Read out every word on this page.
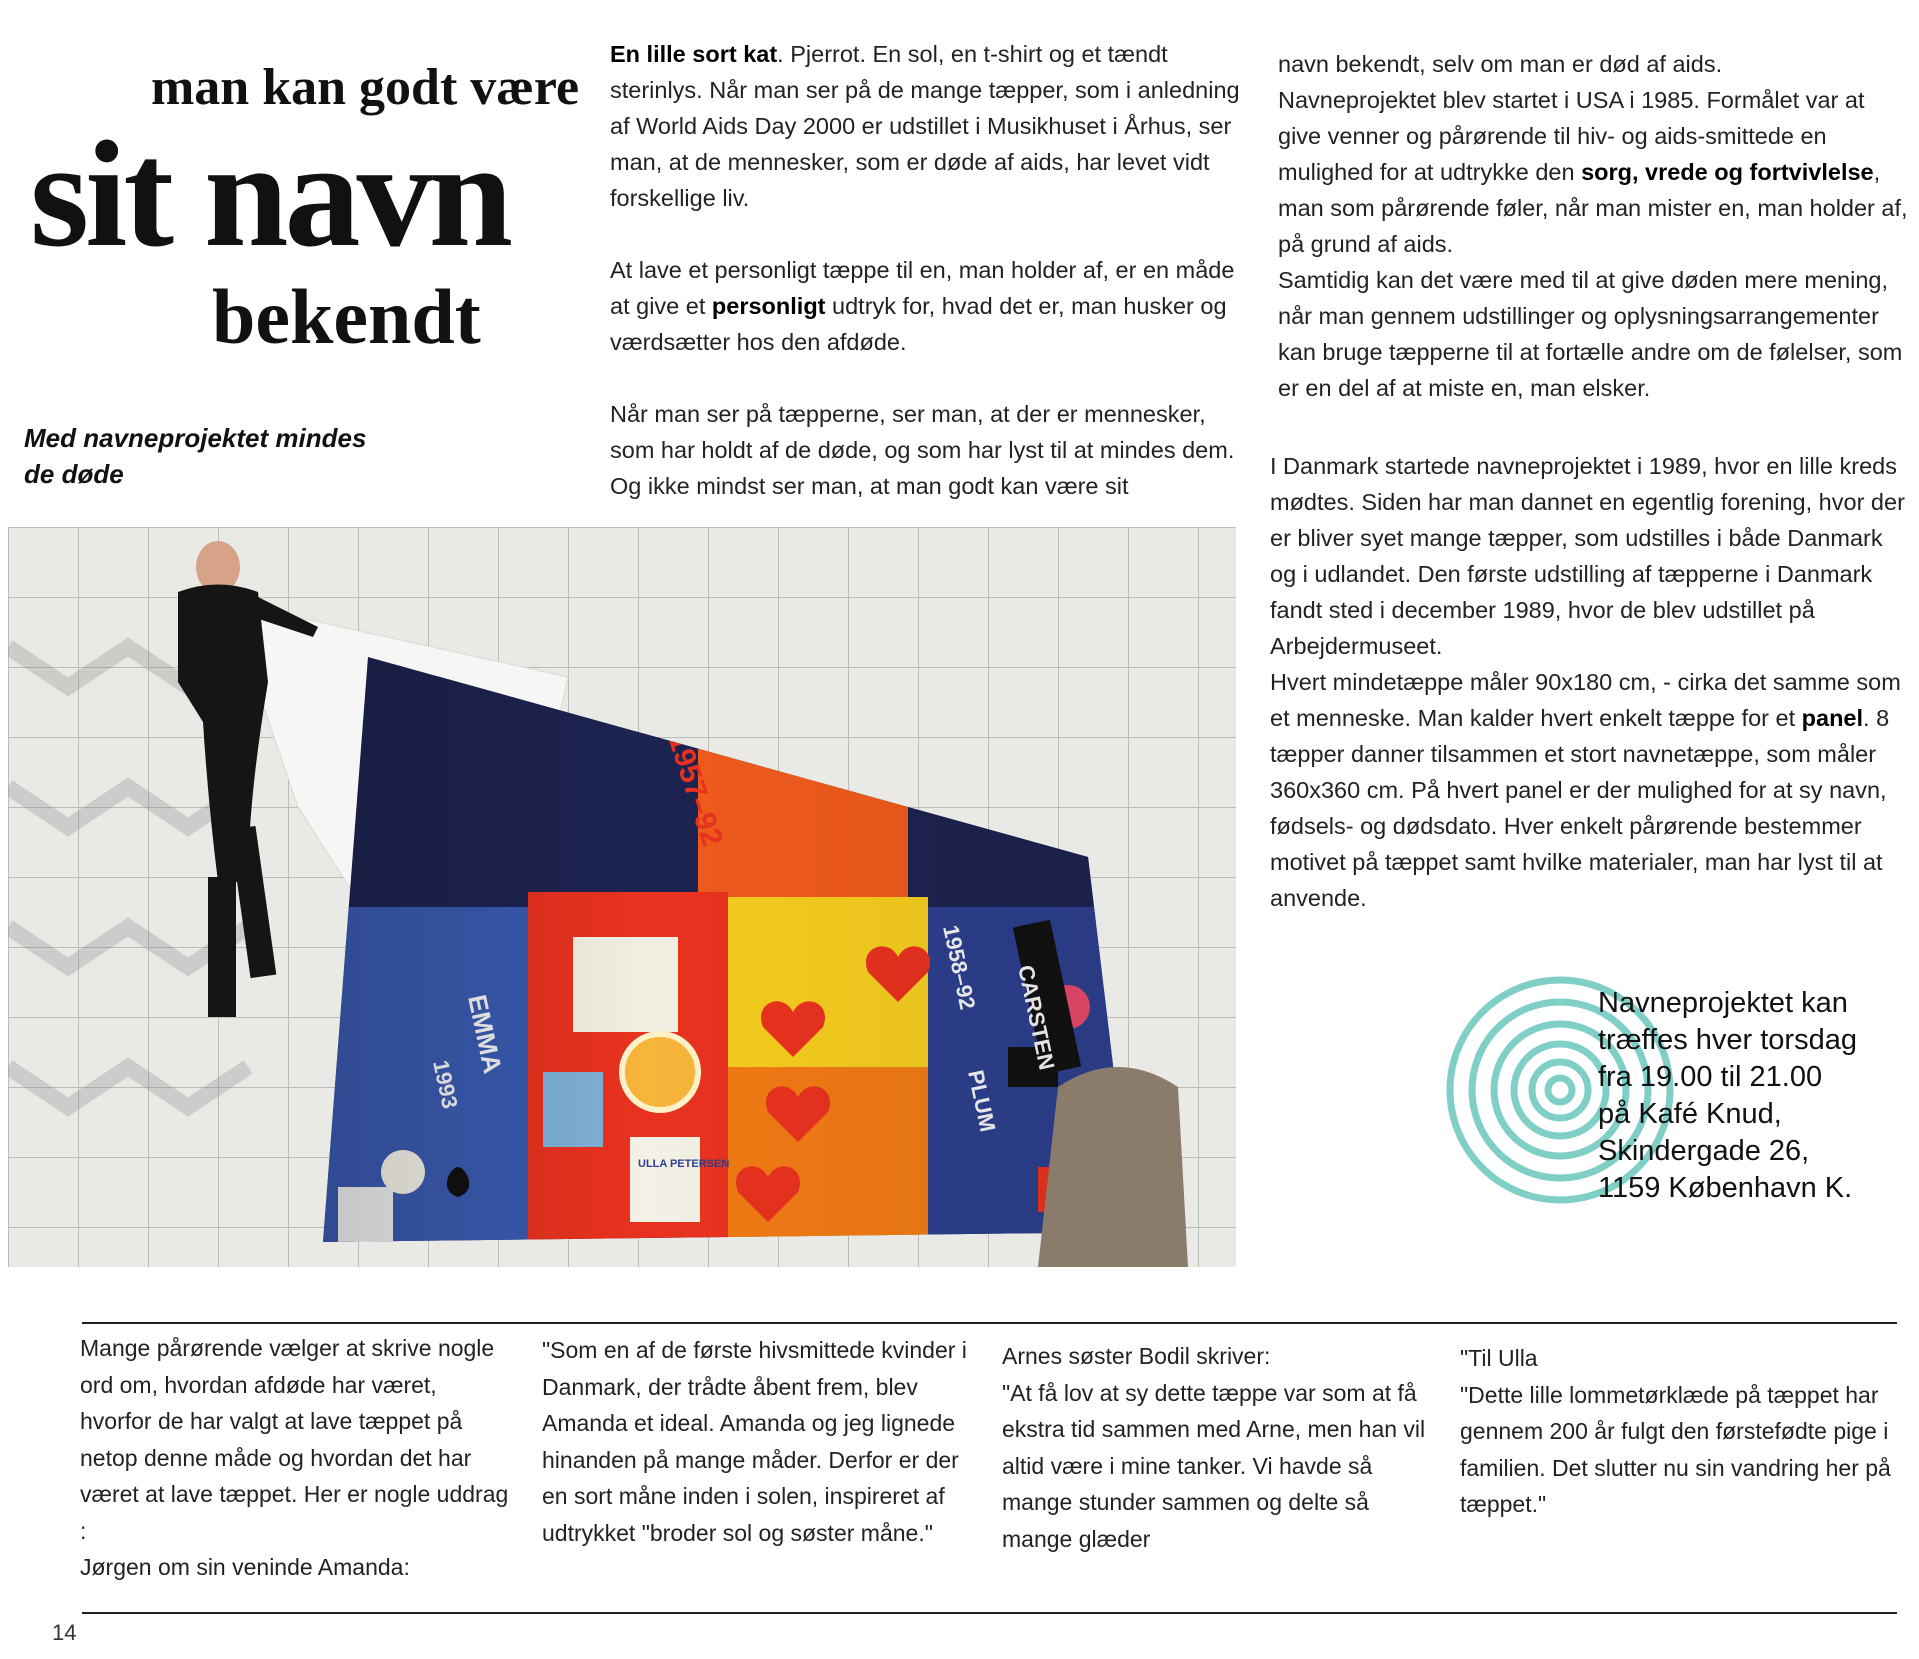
man kan godt være
sit navn
bekendt
Med navneprojektet mindes de døde

En lille sort kat. Pjerrot. En sol, en t-shirt og et tændt sterinlys. Når man ser på de mange tæpper, som i anledning af World Aids Day 2000 er udstillet i Musikhuset i Århus, ser man, at de mennesker, som er døde af aids, har levet vidt forskellige liv.

At lave et personligt tæppe til en, man holder af, er en måde at give et personligt udtryk for, hvad det er, man husker og værdsætter hos den afdøde.

Når man ser på tæpperne, ser man, at der er mennesker, som har holdt af de døde, og som har lyst til at mindes dem. Og ikke mindst ser man, at man godt kan være sit

navn bekendt, selv om man er død af aids.
Navneprojektet blev startet i USA i 1985. Formålet var at give venner og pårørende til hiv- og aids-smittede en mulighed for at udtrykke den sorg, vrede og fortvivlelse, man som pårørende føler, når man mister en, man holder af, på grund af aids.
Samtidig kan det være med til at give døden mere mening, når man gennem udstillinger og oplysningsarrangementer kan bruge tæpperne til at fortælle andre om de følelser, som er en del af at miste en, man elsker.
I Danmark startede navneprojektet i 1989, hvor en lille kreds mødtes. Siden har man dannet en egentlig forening, hvor der er bliver syet mange tæpper, som udstilles i både Danmark og i udlandet. Den første udstilling af tæpperne i Danmark fandt sted i december 1989, hvor de blev udstillet på Arbejdermuseet.
Hvert mindetæppe måler 90x180 cm, - cirka det samme som et menneske. Man kalder hvert enkelt tæppe for et panel. 8 tæpper danner tilsammen et stort navnetæppe, som måler 360x360 cm. På hvert panel er der mulighed for at sy navn, fødsels- og dødsdato. Hver enkelt pårørende bestemmer motivet på tæppet samt hvilke materialer, man har lyst til at anvende.
Navneprojektet kan
træffes hver torsdag
fra 19.00 til 21.00
på Kafé Knud,
Skindergade 26,
1159 København K.

Mange pårørende vælger at skrive nogle ord om, hvordan afdøde har været, hvorfor de har valgt at lave tæppet på netop denne måde og hvordan det har været at lave tæppet. Her er nogle uddrag :

Jørgen om sin veninde Amanda:

"Som en af de første hivsmittede kvinder i Danmark, der trådte åbent frem, blev Amanda et ideal. Amanda og jeg lignede hinanden på mange måder. Derfor er der en sort måne inden i solen, inspireret af udtrykket "broder sol og søster måne."

Arnes søster Bodil skriver:

"At få lov at sy dette tæppe var som at få ekstra tid sammen med Arne, men han vil altid være i mine tanker. Vi havde så mange stunder sammen og delte så mange glæder

"Til Ulla

"Dette lille lommetørklæde på tæppet har gennem 200 år fulgt den førstefødte pige i familien. Det slutter nu sin vandring her på tæppet."

14
